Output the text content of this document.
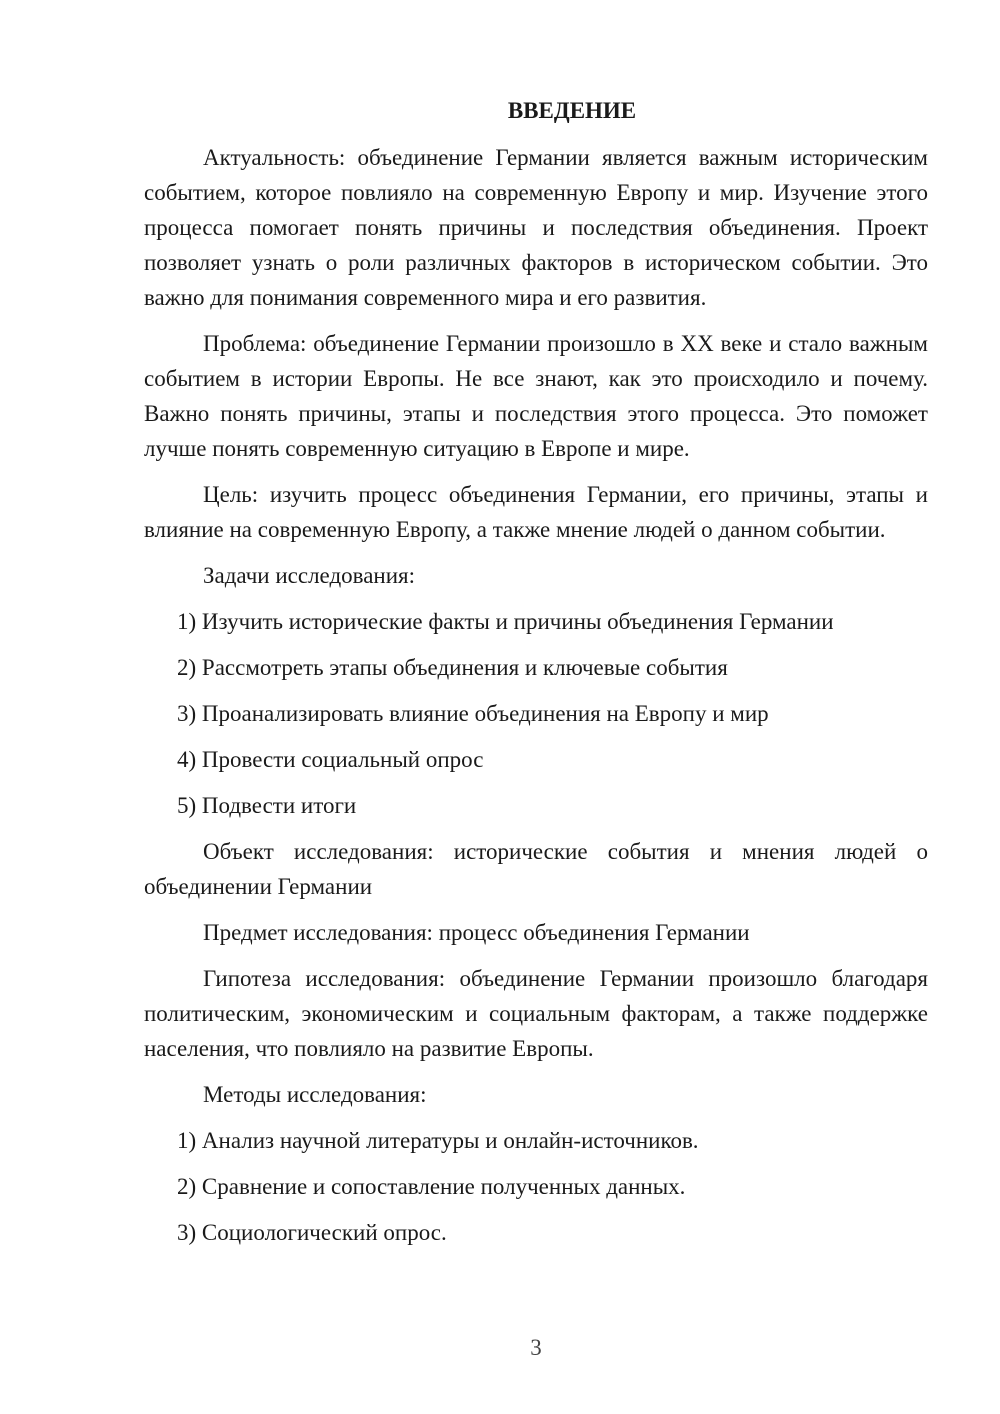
ВВЕДЕНИЕ

Актуальность: объединение Германии является важным историческим событием, которое повлияло на современную Европу и мир. Изучение этого процесса помогает понять причины и последствия объединения. Проект позволяет узнать о роли различных факторов в историческом событии. Это важно для понимания современного мира и его развития.

Проблема: объединение Германии произошло в XX веке и стало важным событием в истории Европы. Не все знают, как это происходило и почему. Важно понять причины, этапы и последствия этого процесса. Это поможет лучше понять современную ситуацию в Европе и мире.

Цель: изучить процесс объединения Германии, его причины, этапы и влияние на современную Европу, а также мнение людей о данном событии.

Задачи исследования:

1) Изучить исторические факты и причины объединения Германии

2) Рассмотреть этапы объединения и ключевые события

3) Проанализировать влияние объединения на Европу и мир

4) Провести социальный опрос

5) Подвести итоги

Объект исследования: исторические события и мнения людей о объединении Германии

Предмет исследования: процесс объединения Германии

Гипотеза исследования: объединение Германии произошло благодаря политическим, экономическим и социальным факторам, а также поддержке населения, что повлияло на развитие Европы.

Методы исследования:

1) Анализ научной литературы и онлайн-источников.

2) Сравнение и сопоставление полученных данных.

3) Социологический опрос.

3
